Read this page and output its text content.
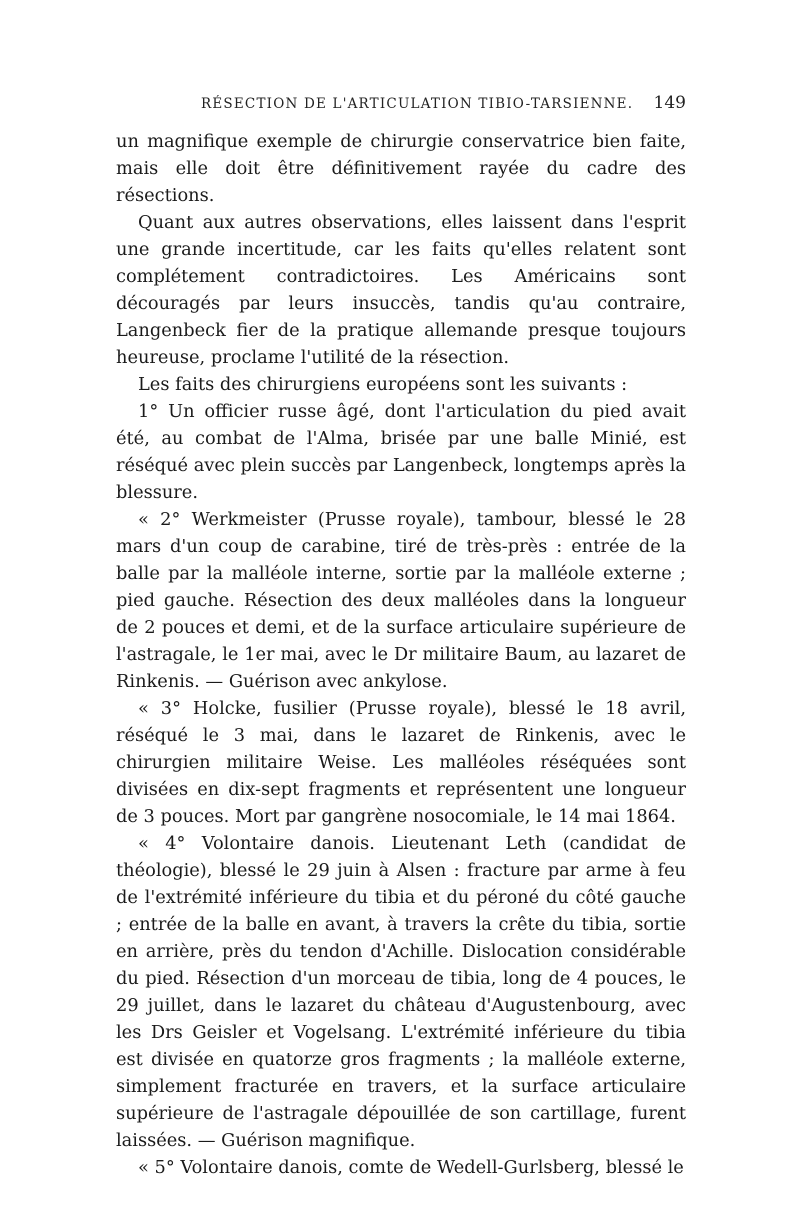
RÉSECTION DE L'ARTICULATION TIBIO-TARSIENNE. 149

un magnifique exemple de chirurgie conservatrice bien faite, mais elle doit être définitivement rayée du cadre des résections.

Quant aux autres observations, elles laissent dans l'esprit une grande incertitude, car les faits qu'elles relatent sont complétement contradictoires. Les Américains sont découragés par leurs insuccès, tandis qu'au contraire, Langenbeck fier de la pratique allemande presque toujours heureuse, proclame l'utilité de la résection.

Les faits des chirurgiens européens sont les suivants :

1° Un officier russe âgé, dont l'articulation du pied avait été, au combat de l'Alma, brisée par une balle Minié, est réséqué avec plein succès par Langenbeck, longtemps après la blessure.

« 2° Werkmeister (Prusse royale), tambour, blessé le 28 mars d'un coup de carabine, tiré de très-près : entrée de la balle par la malléole interne, sortie par la malléole externe ; pied gauche. Résection des deux malléoles dans la longueur de 2 pouces et demi, et de la surface articulaire supérieure de l'astragale, le 1er mai, avec le Dr militaire Baum, au lazaret de Rinkenis. — Guérison avec ankylose.

« 3° Holcke, fusilier (Prusse royale), blessé le 18 avril, réséqué le 3 mai, dans le lazaret de Rinkenis, avec le chirurgien militaire Weise. Les malléoles réséquées sont divisées en dix-sept fragments et représentent une longueur de 3 pouces. Mort par gangrène nosocomiale, le 14 mai 1864.

« 4° Volontaire danois. Lieutenant Leth (candidat de théologie), blessé le 29 juin à Alsen : fracture par arme à feu de l'extrémité inférieure du tibia et du péroné du côté gauche ; entrée de la balle en avant, à travers la crête du tibia, sortie en arrière, près du tendon d'Achille. Dislocation considérable du pied. Résection d'un morceau de tibia, long de 4 pouces, le 29 juillet, dans le lazaret du château d'Augustenbourg, avec les Drs Geisler et Vogelsang. L'extrémité inférieure du tibia est divisée en quatorze gros fragments ; la malléole externe, simplement fracturée en travers, et la surface articulaire supérieure de l'astragale dépouillée de son cartillage, furent laissées. — Guérison magnifique.

« 5° Volontaire danois, comte de Wedell-Gurlsberg, blessé le
